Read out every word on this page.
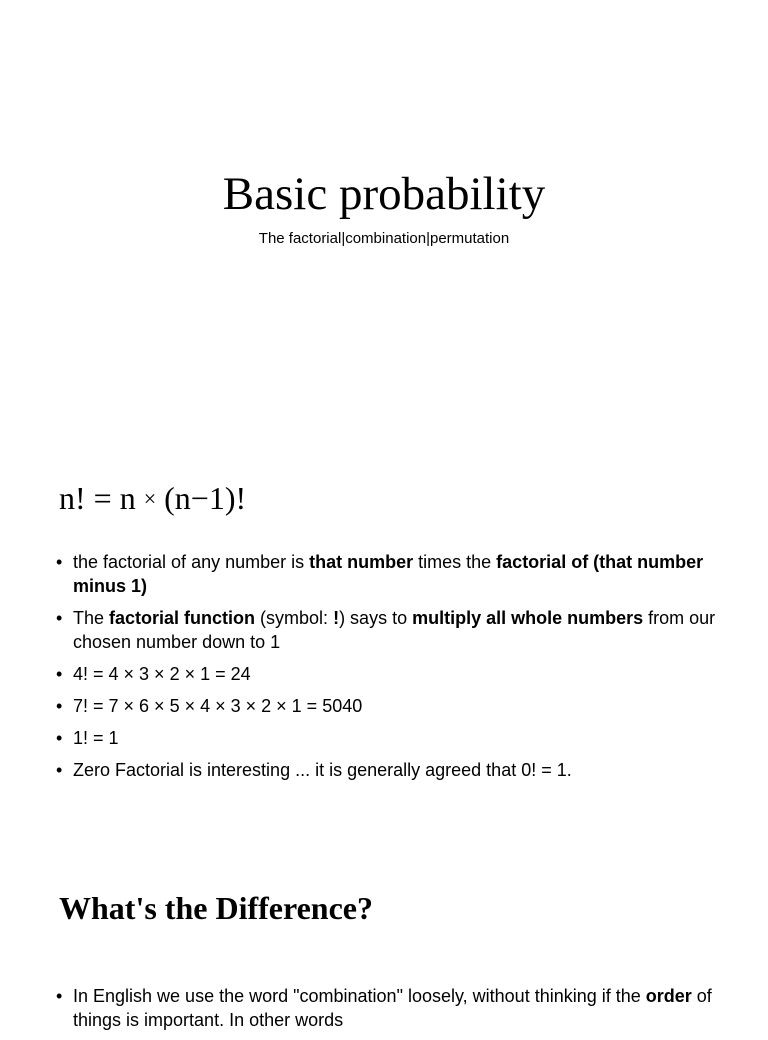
Basic probability

The factorial|combination|permutation

n! = n × (n−1)!
• the factorial of any number is that number times the factorial of (that number minus 1)
• The factorial function (symbol: !) says to multiply all whole numbers from our chosen number down to 1
• 4! = 4 × 3 × 2 × 1 = 24
• 7! = 7 × 6 × 5 × 4 × 3 × 2 × 1 = 5040
• 1! = 1
• Zero Factorial is interesting ... it is generally agreed that 0! = 1.
What's the Difference?
• In English we use the word "combination" loosely, without thinking if the order of things is important. In other words
